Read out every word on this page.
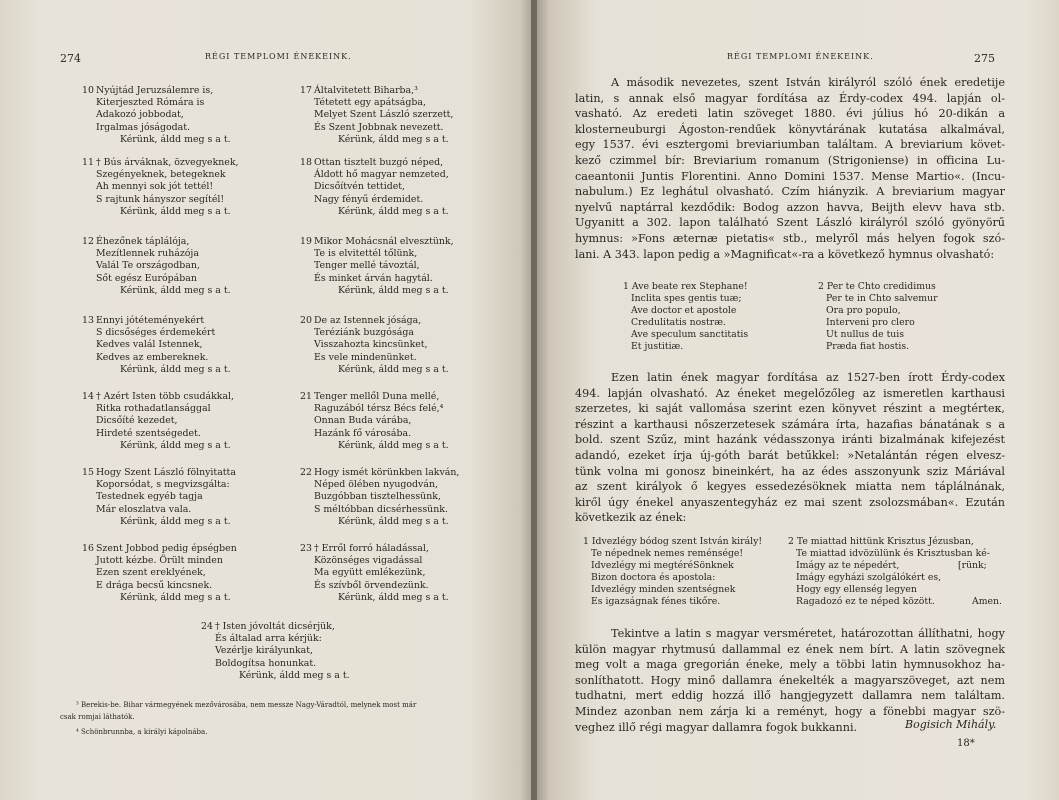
274	RÉGI TEMPLOMI ÉNEKEINK.
10 Nyújtád Jeruzsálemre is,
Kiterjeszted Rómára is
Adakozó jobbodat,
Irgalmas jóságodat.
Kérünk, áldd meg s a t.
11 † Bús árváknak, özvegyeknek,
Szegényeknek, betegeknek
Ah mennyi sok jót tettél!
S rajtunk hányszor segítél!
Kérünk, áldd meg s a t.
12 Éhezőnek táplálója,
Mezítlennek ruházója
Valál Te országodban,
Sőt egész Európában
Kérünk, áldd meg s a t.
13 Ennyi jótéteményekért
S dicsőséges érdemekért
Kedves valál Istennek,
Kedves az embereknek.
Kérünk, áldd meg s a t.
14 † Azért Isten több csudákkal,
Ritka rothadatlansággal
Dicsőíté kezedet,
Hirdeté szentségedet.
Kérünk, áldd meg s a t.
15 Hogy Szent László fölnyitatta
Koporsódat, s megvizsgálta:
Testednek egyéb tagja
Már eloszlatva vala.
Kérünk, áldd meg s a t.
16 Szent Jobbod pedig épségben
Jutott kézbe. Örült minden
Ezen szent ereklyének,
E drága becsű kincsnek.
Kérünk, áldd meg s a t.
17 Általvitetett Biharba,³
Tétetett egy apátságba,
Melyet Szent László szerzett,
És Szent Jobbnak nevezett.
Kérünk, áldd meg s a t.
18 Ottan tisztelt buzgó néped,
Áldott hő magyar nemzeted,
Dicsőítvén tettidet,
Nagy fényű érdemidet.
Kérünk, áldd meg s a t.
19 Mikor Mohácsnál elvesztünk,
Te is elvitettél tőlünk,
Tenger mellé távoztál,
És minket árván hagytál.
Kérünk, áldd meg s a t.
20 De az Istennek jósága,
Teréziánk buzgósága
Visszahozta kincsünket,
Es vele mindenünket.
Kérünk, áldd meg s a t.
21 Tenger mellől Duna mellé,
Raguzából térsz Bécs felé,⁴
Onnan Buda várába,
Hazánk fő városába.
Kérünk, áldd meg s a t.
22 Hogy ismét körünkben lakván,
Néped ölében nyugodván,
Buzgóbban tisztelhessünk,
S méltóbban dicsérhessünk.
Kérünk, áldd meg s a t.
23 † Erről forró háladással,
Közönséges vigadással
Ma együtt emlékezünk,
És szívből örvendezünk.
Kérünk, áldd meg s a t.
24 † Isten jóvoltát dicsérjük,
És általad arra kérjük:
Vezérlje királyunkat,
Boldogítsa honunkat.
Kérünk, áldd meg s a t.
³ Berekis-be. Bihar vármegyének mezővárosába, nem messze Nagy-Váradtól, melynek most már
csak romjai láthatók.
⁴ Schönbrunnba, a királyi kápolnába.
RÉGI TEMPLOMI ÉNEKEINK.	275
A második nevezetes, szent István királyról szóló ének eredetije
latin, s annak első magyar fordítása az Érdy-codex 494. lapján ol-
vasható. Az eredeti latin szöveget 1880. évi július hó 20-dikán a
klosterneuburgi Ágoston-rendűek könyvtárának kutatása alkalmával,
egy 1537. évi esztergomi breviariumban találtam. A breviarium követ-
kező czimmel bír: Breviarium romanum (Strigoniense) in officina Lu-
caeantonii Juntis Florentini. Anno Domini 1537. Mense Martio«. (Incu-
nabulum.) Ez leghátul olvasható. Czím hiányzik. A breviarium magyar
nyelvű naptárral kezdődik: Bodog azzon havva, Beijth elevv hava stb.
Ugyanitt a 302. lapon található Szent László királyról szóló gyönyörű
hymnus: »Fons æternæ pietatis« stb., melyről más helyen fogok szó-
lani. A 343. lapon pedig a »Magnificat«-ra a következő hymnus olvasható:
1 Ave beate rex Stephane!
Inclita spes gentis tuæ;
Ave doctor et apostole
Credulitatis nostræ.
Ave speculum sanctitatis
Et justitiæ.
2 Per te Chto credidimus
Per te in Chto salvemur
Ora pro populo,
Interveni pro clero
Ut nullus de tuis
Præda fiat hostis.
Ezen latin ének magyar fordítása az 1527-ben írott Érdy-codex
494. lapján olvasható. Az éneket megelőzőleg az ismeretlen karthausi
szerzetes, ki saját vallomása szerint ezen könyvet részint a megtérteк,
részint a karthausi nőszerzetesek számára írta, hazafias bánatának s a
bold. szent Szűz, mint hazánk védasszonya iránti bizalmának kifejezést
adandó, ezeket írja új-góth barát betűkkel: »Netalántán régen elvesz-
tünk volna mi gonosz bineinkért, ha az édes asszonyunk sziz Máriával
az szent királyok ő kegyes essedezésöknek miatta nem táplálnának,
kiről úgy énekel anyaszentegyház ez mai szent zsolozsmában«. Ezután
következik az ének:
1 Idvezlégy bódog szent István király!
Te népednek nemes reménsége!
Idvezlégy mi megtéréSönknek
Bizon doctora és apostola:
Idvezlégy minden szentségnek
Es igazságnak fénes tikőre.
2 Te miattad hittünk Krisztus Jézusban,
Te miattad idvözülünk és Krisztusban ké-
Imágy az te népedért,
Imágy egyházi szolgálókért es,
Hogy egy ellenség legyen
Ragadozó ez te néped között.
[rünk;
Amen.
Tekintve a latin s magyar versméretet, határozottan állíthatni, hogy
külön magyar rhytmusú dallammal ez ének nem bírt. A latin szövegnek
meg volt a maga gregorián éneke, mely a többi latin hymnusokhoz ha-
sonlíthatott. Hogy minő dallamra énekelték a magyarszöveget, azt nem
tudhatni, mert eddig hozzá illő hangjegyzett dallamra nem találtam.
Mindez azonban nem zárja ki a reményt, hogy a fönebbi magyar szö-
veghez illő régi magyar dallamra fogok bukkanni.	Bogisich Mihály.
18*
